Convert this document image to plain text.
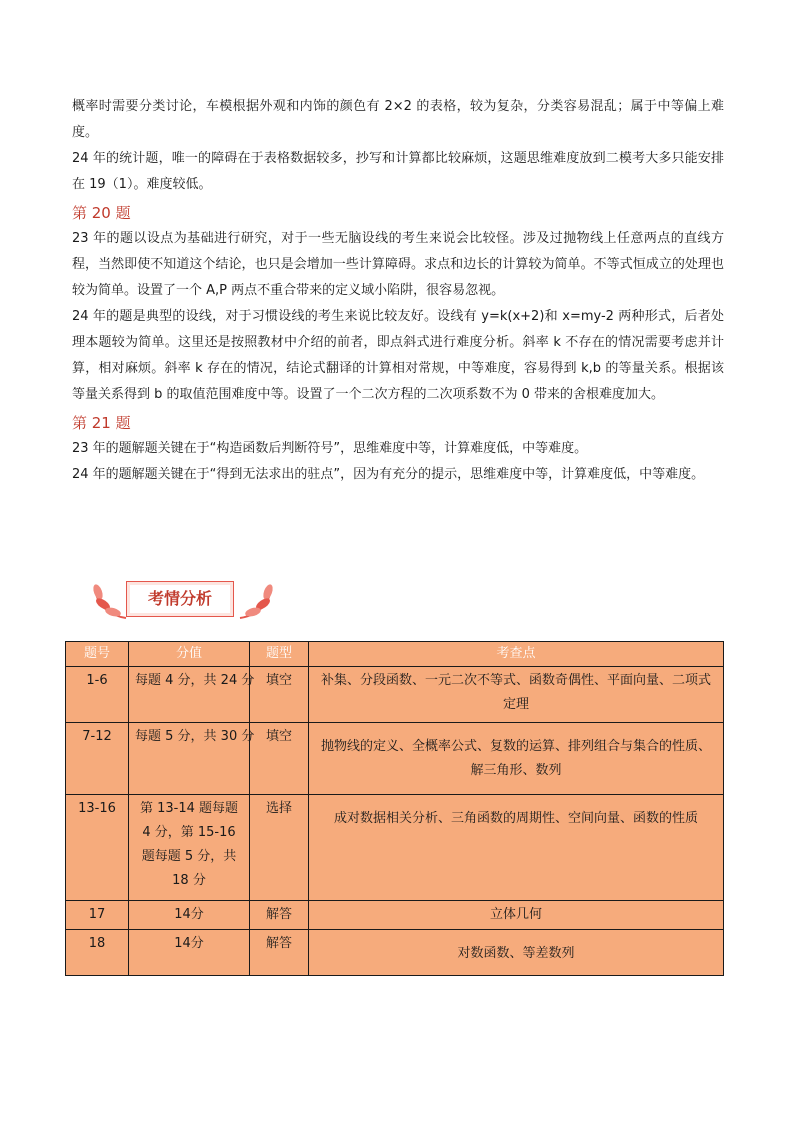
概率时需要分类讨论，车模根据外观和内饰的颜色有 2×2 的表格，较为复杂，分类容易混乱；属于中等偏上难度。

24 年的统计题，唯一的障碍在于表格数据较多，抄写和计算都比较麻烦，这题思维难度放到二模考大多只能安排在 19（1）。难度较低。

第 20 题

23 年的题以设点为基础进行研究，对于一些无脑设线的考生来说会比较怪。涉及过抛物线上任意两点的直线方程，当然即使不知道这个结论，也只是会增加一些计算障碍。求点和边长的计算较为简单。不等式恒成立的处理也较为简单。设置了一个 A,P 两点不重合带来的定义域小陷阱，很容易忽视。

24 年的题是典型的设线，对于习惯设线的考生来说比较友好。设线有 y=k(x+2)和 x=my-2 两种形式，后者处理本题较为简单。这里还是按照教材中介绍的前者，即点斜式进行难度分析。斜率 k 不存在的情况需要考虑并计算，相对麻烦。斜率 k 存在的情况，结论式翻译的计算相对常规，中等难度，容易得到 k,b 的等量关系。根据该等量关系得到 b 的取值范围难度中等。设置了一个二次方程的二次项系数不为 0 带来的舍根难度加大。

第 21 题

23 年的题解题关键在于“构造函数后判断符号”，思维难度中等，计算难度低，中等难度。

24 年的题解题关键在于“得到无法求出的驻点”，因为有充分的提示，思维难度中等，计算难度低，中等难度。

考情分析
题号	分值	题型	考查点
1-6	每题 4 分，共 24 分	填空	补集、分段函数、一元二次不等式、函数奇偶性、平面向量、二项式定理
7-12	每题 5 分，共 30 分	填空	抛物线的定义、全概率公式、复数的运算、排列组合与集合的性质、解三角形、数列
13-16	第 13-14 题每题 4 分，第 15-16 题每题 5 分，共 18 分	选择	成对数据相关分析、三角函数的周期性、空间向量、函数的性质
17	14分	解答	立体几何
18	14分	解答	对数函数、等差数列
